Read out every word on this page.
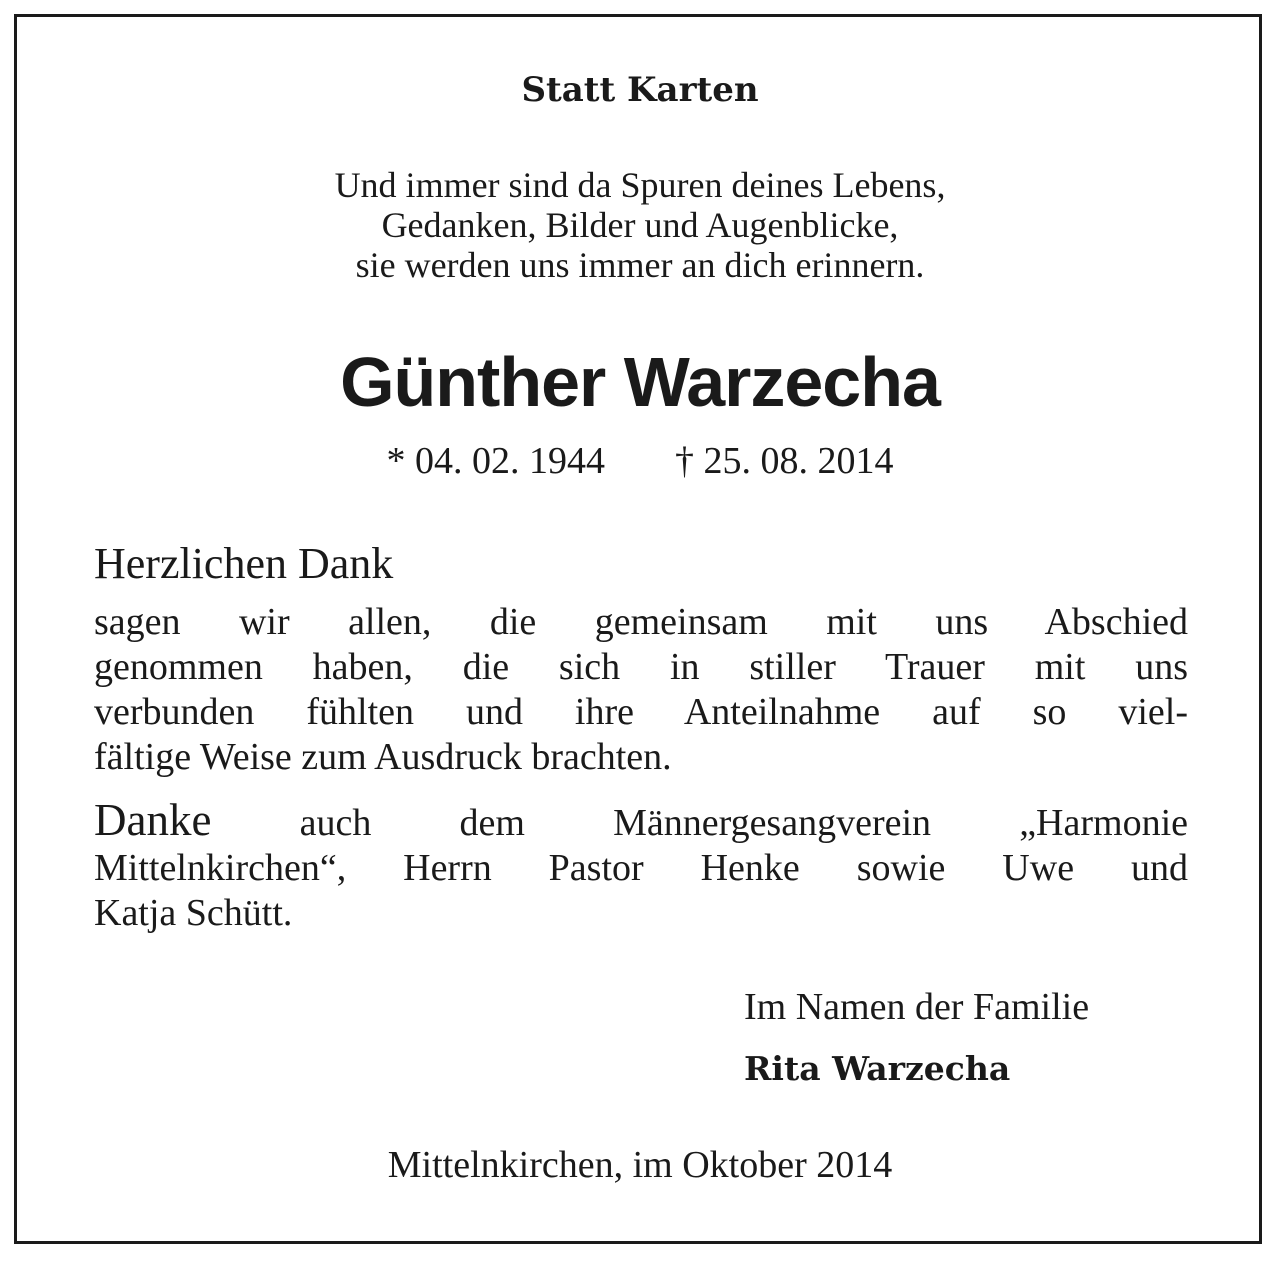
Statt Karten

Und immer sind da Spuren deines Lebens,
Gedanken, Bilder und Augenblicke,
sie werden uns immer an dich erinnern.

Günther Warzecha

* 04. 02. 1944 † 25. 08. 2014

Herzlichen Dank

sagen wir allen, die gemeinsam mit uns Abschied
genommen haben, die sich in stiller Trauer mit uns
verbunden fühlten und ihre Anteilnahme auf so viel-
fältige Weise zum Ausdruck brachten.

Danke auch dem Männergesangverein „Harmonie
Mittelnkirchen“, Herrn Pastor Henke sowie Uwe und
Katja Schütt.

Im Namen der Familie

Rita Warzecha

Mittelnkirchen, im Oktober 2014
